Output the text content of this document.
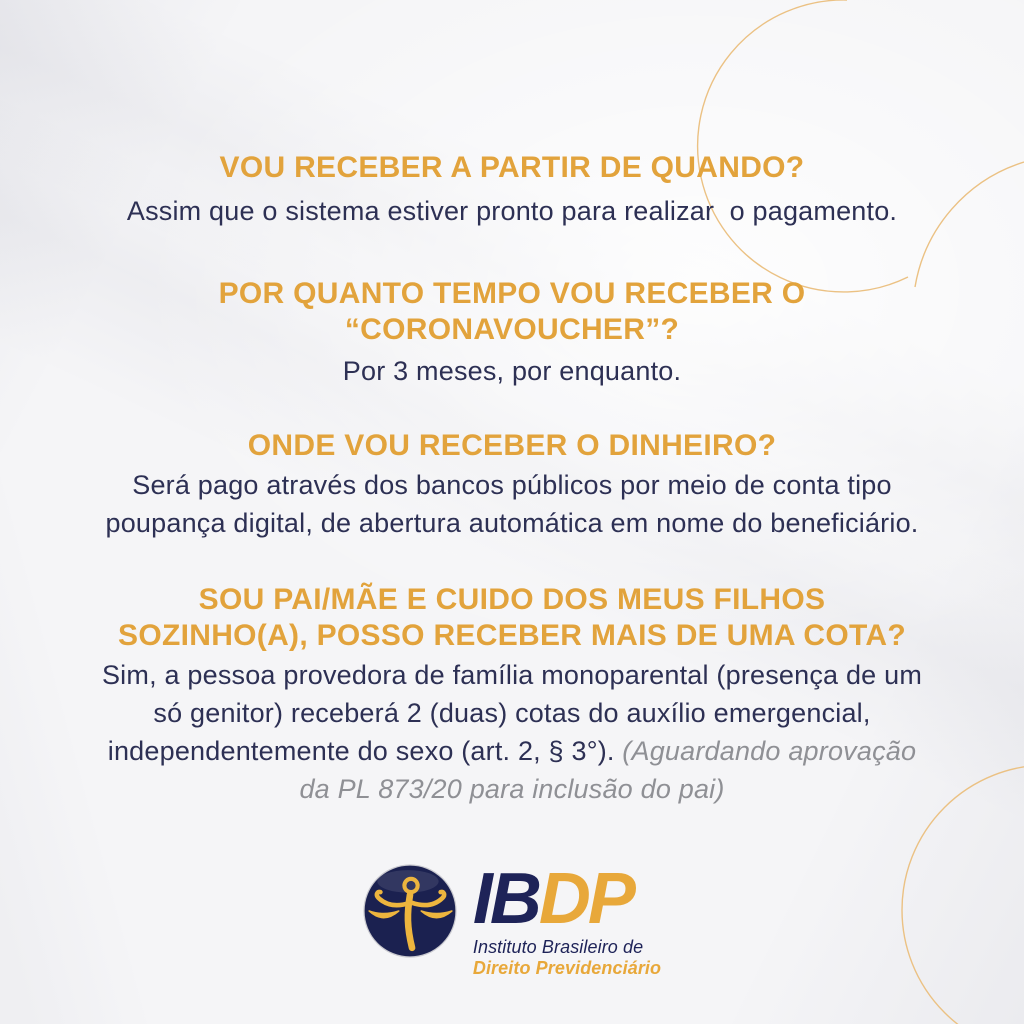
VOU RECEBER A PARTIR DE QUANDO?

Assim que o sistema estiver pronto para realizar  o pagamento.

POR QUANTO TEMPO VOU RECEBER O
“CORONAVOUCHER”?

Por 3 meses, por enquanto.

ONDE VOU RECEBER O DINHEIRO?

Será pago através dos bancos públicos por meio de conta tipo
poupança digital, de abertura automática em nome do beneficiário.

SOU PAI/MÃE E CUIDO DOS MEUS FILHOS
SOZINHO(A), POSSO RECEBER MAIS DE UMA COTA?

Sim, a pessoa provedora de família monoparental (presença de um
só genitor) receberá 2 (duas) cotas do auxílio emergencial,
independentemente do sexo (art. 2, § 3°). (Aguardando aprovação
da PL 873/20 para inclusão do pai)

IBDP
Instituto Brasileiro de
Direito Previdenciário
